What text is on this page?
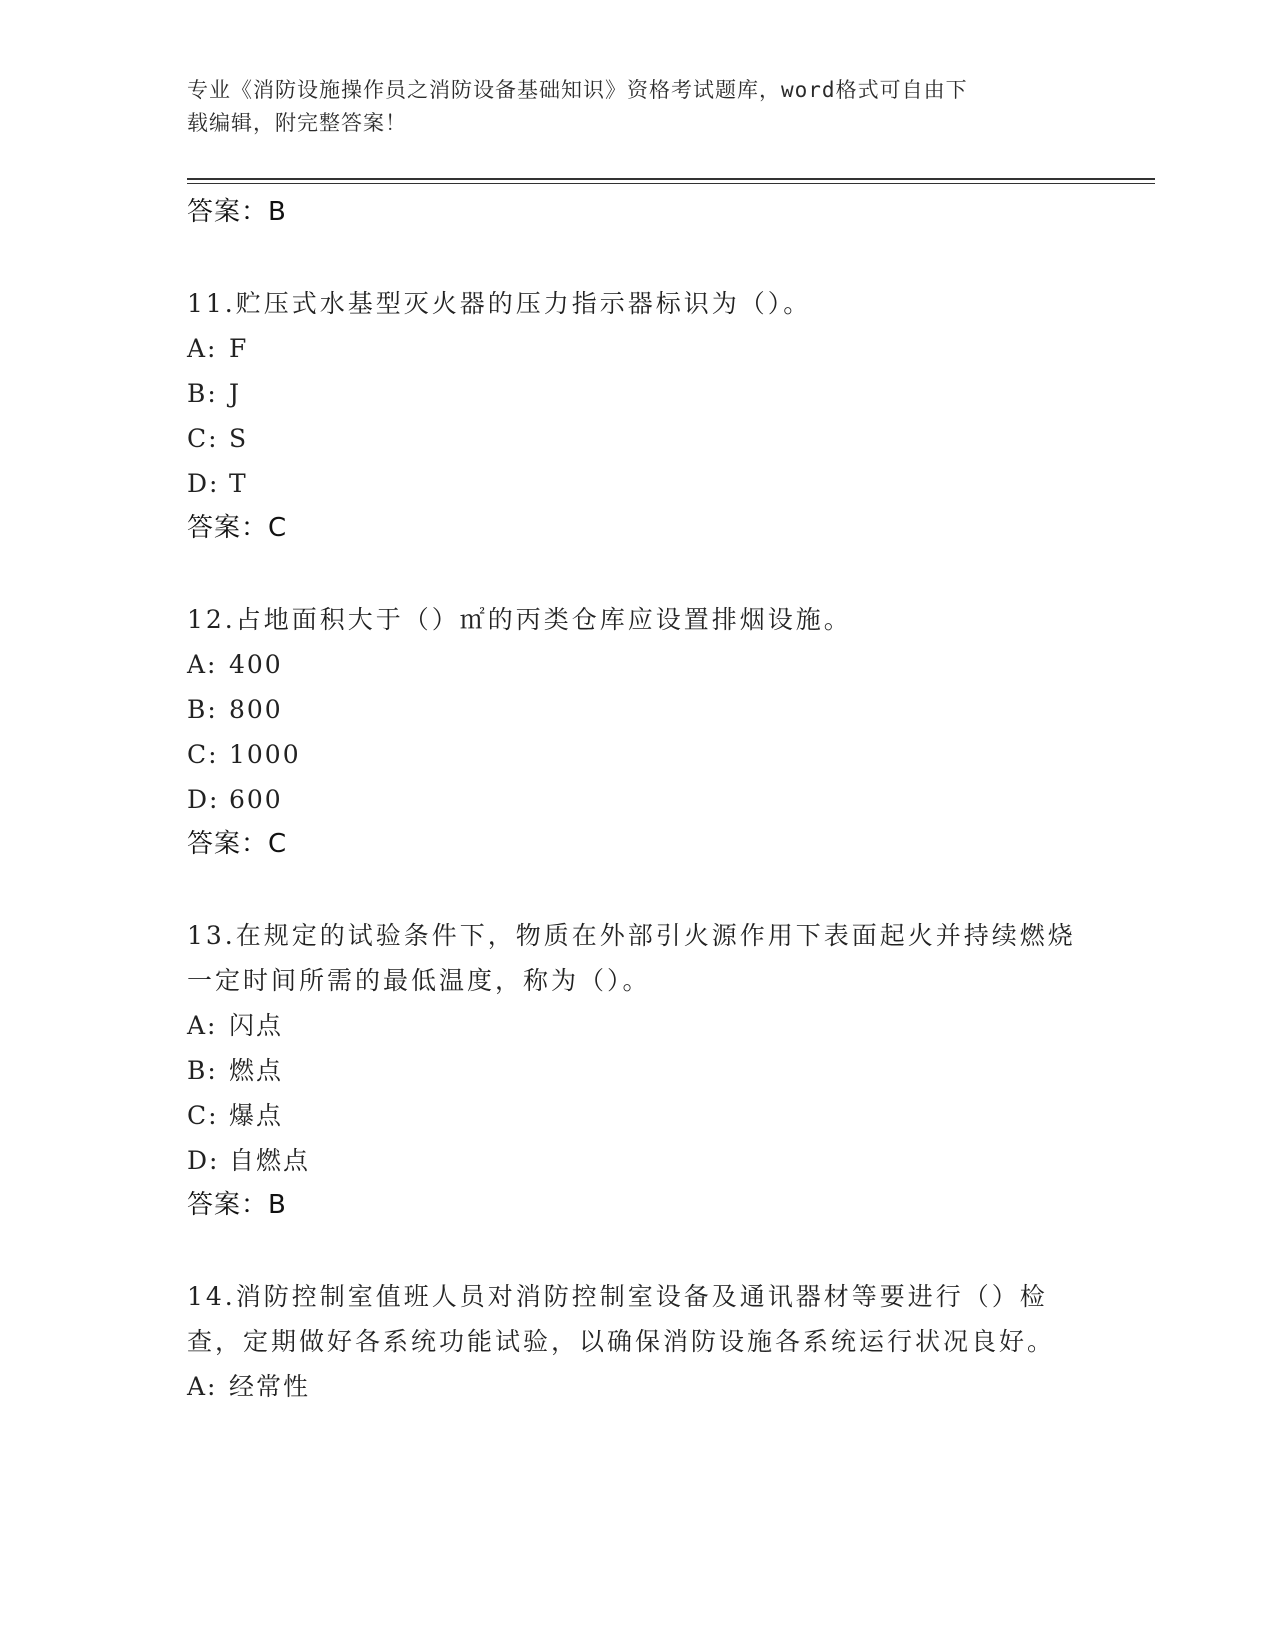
专业《消防设施操作员之消防设备基础知识》资格考试题库，word格式可自由下
载编辑，附完整答案！
答案：B
11.贮压式水基型灭火器的压力指示器标识为（）。
A: F
B: J
C: S
D: T
答案：C
12.占地面积大于（）㎡的丙类仓库应设置排烟设施。
A: 400
B: 800
C: 1000
D: 600
答案：C
13.在规定的试验条件下，物质在外部引火源作用下表面起火并持续燃烧一定时间所需的最低温度，称为（）。
A: 闪点
B: 燃点
C: 爆点
D: 自燃点
答案：B
14.消防控制室值班人员对消防控制室设备及通讯器材等要进行（）检查，定期做好各系统功能试验，以确保消防设施各系统运行状况良好。
A: 经常性
